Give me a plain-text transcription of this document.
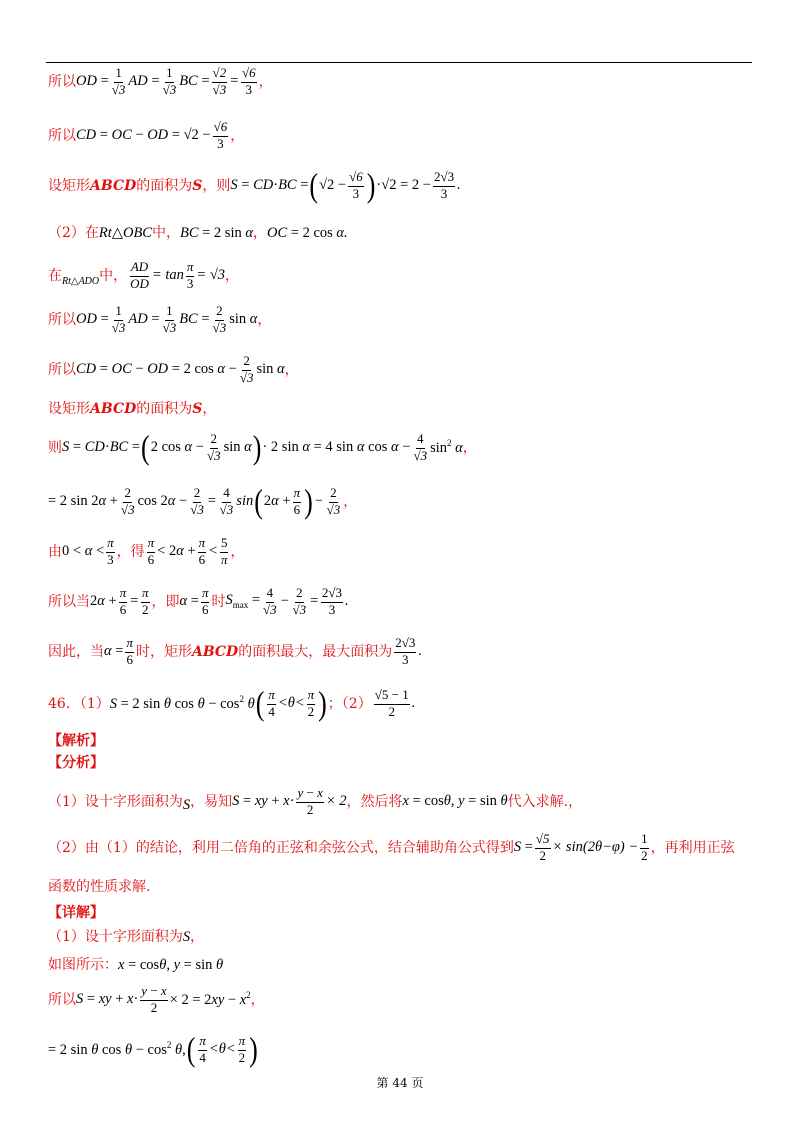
所以 OD = 1
√ 3 AD = 1
√ 3 BC = √ 2
√ 3 = √ $\frac{6}{3}$ ，
所以 CD = OC − OD = √ 2 − √ $\frac{6}{3}$ ，
设矩形 ABCD 的面积为 S ，则 S = CD·BC = ( √ 2 − √ $\frac{6}{3}$ ) · √ $2 = 2 - \frac{2 √ 3}{3}$ .
（2）在 Rt△OBC 中， BC = 2 sin α ， OC = 2 cos α .
在 Rt△ADO 中， $\frac{AD}{OD} = \tan \frac{\pi}{3}$ = √ 3 ，
所以 OD = 1
√ 3 AD = 1
√ 3 BC = 2
√ 3 sin α ，
所以 CD = OC − OD = 2 cos α − 2
√ 3 sin α ，
设矩形 ABCD 的面积为 S ，
则 S = CD·BC = ( 2 cos α − 2
√ 3 sin α ) · 2 sin α = 4 sin α cos α − 4
√ 3 $\sin^2 \alpha$ ，
= 2 sin 2α + 2
√ 3 cos 2α − 2
√ 3 = 4
√ 3 sin ( $2\alpha + \frac{\pi}{6}$ ) − 2
√ 3 ，
由 $0 < \alpha < \frac{\pi}{3}$ ，得 $\frac{\pi}{6} < 2\alpha + \frac{\pi}{6} < \frac{5}{\pi}$ ，
所以当 $2\alpha + \frac{\pi}{6} = \frac{\pi}{2}$ ，即 $\alpha = \frac{\pi}{6}$ 时 $S_{max} = 4$
√ 3 − 2
√ $3 = \frac{2 √ 3}{3}$ .
因此，当 $\alpha = \frac{\pi}{6}$ 时，矩形 ABCD 的面积最大，最大面积为 $\frac{2 √ 3}{3}$ .
46．（1） S = 2 sin θ $\cos \theta - \cos^2 \theta$ ( $\frac{\pi}{4} < \theta < \frac{\pi}{2}$ ) ；（2） √ $\frac{5 - 1}{2}$ .
【解析】
【分析】
（1）设十字形面积为 S ，易知 S = xy + $x\cdot \frac{y - x}{2} \times 2$ ，然后将 x = cosθ, y = sin θ 代入求解.，
（2）由（1）的结论，利用二倍角的正弦和余弦公式，结合辅助角公式得到 S = √ $\frac{5}{2} \times \sin (2$ θ − φ ) − $\frac{1}{2}$ ，再利用正弦
函数的性质求解.
【详解】
（1）设十字形面积为 S ，
如图所示： x = cosθ, y = sin θ
所以 S = xy + $x\cdot \frac{y - x}{2} \times 2 = 2xy - x^2$ ，
= 2 sin θ $\cos \theta - \cos^2 \theta$, ( $\frac{\pi}{4} < \theta < \frac{\pi}{2}$ )
第 44 页
